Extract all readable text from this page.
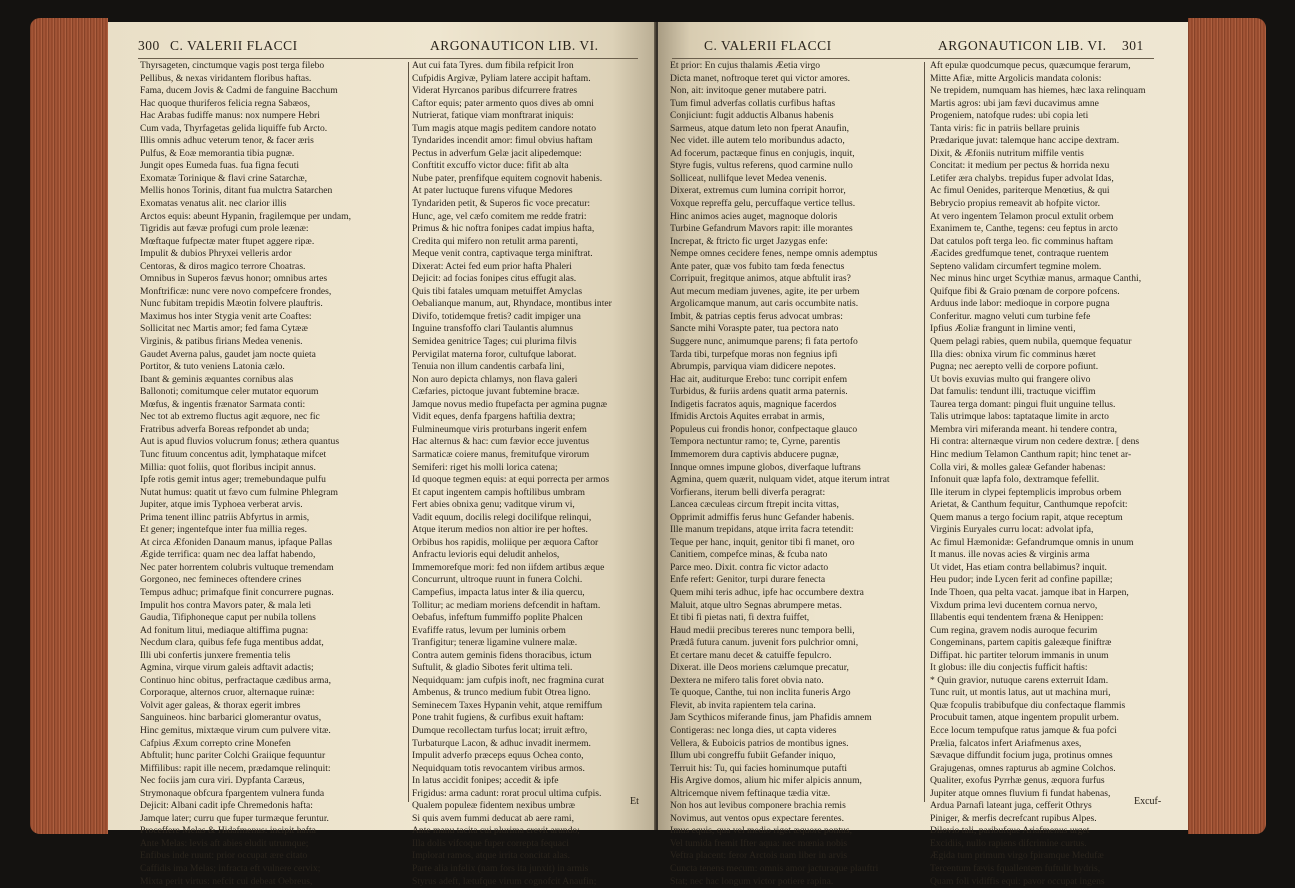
300 C. VALERII FLACCI	ARGONAUTICON LIB. VI.
Thyrsageten, cinctumque vagis post terga filebo
Pellibus, & nexas viridantem floribus haftas.
Fama, ducem Jovis & Cadmi de fanguine Bacchum
Hac quoque thuriferos felicia regna Sabæos,
Hac Arabas fudiffe manus: nox numpere Hebri
Cum vada, Thyrfagetas gelida liquiffe fub Arcto.
Illis omnis adhuc veterum tenor, & facer æris
Pulfus, & Eoæ memorantia tibia pugnæ.
Jungit opes Eumeda fuas. fua figna fecuti
Exomatæ Torinique & flavi crine Satarchæ,
Mellis honos Torinis, ditant fua mulctra Satarchen
Exomatas venatus alit. nec clarior illis
Arctos equis: abeunt Hypanin, fragilemque per undam,
Tigridis aut fævæ profugi cum prole leænæ:
Mœftaque fufpectæ mater ftupet aggere ripæ.
Impulit & dubios Phryxei velleris ardor
Centoras, & diros magico terrore Choatras.
Omnibus in Superos fævus honor; omnibus artes
Monftrificæ: nunc vere novo compefcere frondes,
Nunc fubitam trepidis Mæotin folvere plauftris.
Maximus hos inter Stygia venit arte Coaftes:
Sollicitat nec Martis amor; fed fama Cytææ
Virginis, & patibus firians Medea venenis.
Gaudet Averna palus, gaudet jam nocte quieta
Portitor, & tuto veniens Latonia cælo.
Ibant & geminis æquantes cornibus alas
Ballonoti; comitumque celer mutator equorum
Mœfus, & ingentis frænator Sarmata conti:
Nec tot ab extremo fluctus agit æquore, nec fic
Fratribus adverfa Boreas refpondet ab unda;
Aut is apud fluvios volucrum fonus; æthera quantus
Tunc fituum concentus adit, lymphataque mifcet
Millia: quot foliis, quot floribus incipit annus.
Ipfe rotis gemit intus ager; tremebundaque pulfu
Nutat humus: quatit ut fævo cum fulmine Phlegram
Jupiter, atque imis Typhoea verberat arvis.
Prima tenent illinc patriis Abfyrtus in armis,
Et gener; ingentefque inter fua millia reges.
At circa Æfoniden Danaum manus, ipfaque Pallas
Ægide terrifica: quam nec dea laffat habendo,
Nec pater horrentem colubris vultuque tremendam
Gorgoneo, nec femineces oftendere crines
Tempus adhuc; primafque finit concurrere pugnas.
Impulit hos contra Mavors pater, & mala leti
Gaudia, Tifiphoneque caput per nubila tollens
Ad fonitum litui, mediaque altiffima pugna:
Necdum clara, quibus fefe fuga mentibus addat,
Illi ubi confertis junxere frementia telis
Agmina, virque virum galeis adftavit adactis;
Continuo hinc obitus, perfractaque cædibus arma,
Corporaque, alternos cruor, alternaque ruinæ:
Volvit ager galeas, & thorax egerit imbres
Sanguineos. hinc barbarici glomerantur ovatus,
Hinc gemitus, mixtæque virum cum pulvere vitæ.
Cafpius Æxum correpto crine Monefen
Abftulit; hunc pariter Colchi Graiique fequuntur
Miffilibus: rapit ille necem, prædamque relinquit:
Nec fociis jam cura viri. Dypfanta Caræus,
Strymonaque obfcura fpargentem vulnera funda
Dejicit: Albani cadit ipfe Chremedonis hafta:
Jamque later; curru que fuper turmæque feruntur.
Proceffere Melas & Hidafmenus: incipit hafta
Ante Melas: levis aft abies eludit utrumque;
Enfibus inde ruunt: prior occupat ære citato
Caffidis ima Melas; infracta eft vulnere cervix;
Mixta perit virtus: nefcit cui debeat Oebreus,
Aut cui fata Tyres. dum fibila refpicit Iron
Cufpidis Argivæ, Pyliam latere accipit haftam.
Viderat Hyrcanos paribus difcurrere fratres
Caftor equis; pater armento quos dives ab omni
Nutrierat, fatique viam monftrarat iniquis:
Tum magis atque magis peditem candore notato
Tyndarides incendit amor: fimul obvius haftam
Pectus in adverfum Gelæ jacit alipedemque:
Conftitit excuffo victor duce: fifit ab alta
Nube pater, prenfifque equitem cognovit habenis.
At pater luctuque furens vifuque Medores
Tyndariden petit, & Superos fic voce precatur:
Hunc, age, vel cæfo comitem me redde fratri:
Primus & hic noftra fonipes cadat impius hafta,
Credita qui mifero non retulit arma parenti,
Meque venit contra, captivaque terga miniftrat.
Dixerat: Actei fed eum prior hafta Phaleri
Dejicit: ad focias fonipes citus effugit alas.
Quis tibi fatales umquam metuiffet Amyclas
Oebalianque manum, aut, Rhyndace, montibus inter
Divifo, totidemque fretis? cadit impiger una
Inguine transfoffo clari Taulantis alumnus
Semidea genitrice Tages; cui plurima filvis
Pervigilat materna foror, cultufque laborat.
Tenuia non illum candentis carbafa lini,
Non auro depicta chlamys, non flava galeri
Cæfaries, pictoque juvant fubtemine bracæ.
Jamque novus medio ftupefacta per agmina pugnæ
Vidit eques, denfa fpargens haftilia dextra;
Fulmineumque viris proturbans ingerit enfem
Hac alternus & hac: cum fævior ecce juventus
Sarmaticæ coiere manus, fremitufque virorum
Semiferi: riget his molli lorica catena;
Id quoque tegmen equis: at equi porrecta per armos
Et caput ingentem campis hoftilibus umbram
Fert abies obnixa genu; vaditque virum vi,
Vadit equum, docilis relegi docilifque relinqui,
Atque iterum medios non altior ire per hoftes.
Orbibus hos rapidis, moliique per æquora Caftor
Anfractu levioris equi deludit anhelos,
Immemorefque mori: fed non iifdem artibus æque
Concurrunt, ultroque ruunt in funera Colchi.
Campefius, impacta latus inter & ilia quercu,
Tollitur; ac mediam moriens defcendit in haftam.
Oebafus, infeftum fummiffo poplite Phalcen
Evafiffe ratus, levum per luminis orbem
Tranfigitur; teneræ ligamine vulnere malæ.
Contra autem geminis fidens thoracibus, ictum
Suftulit, & gladio Sibotes ferit ultima teli.
Nequidquam: jam cufpis inoft, nec fragmina curat
Ambenus, & trunco medium fubit Otrea ligno.
Seminecem Taxes Hypanin vehit, atque remiffum
Pone trahit fugiens, & curfibus exuit haftam:
Dumque recollectam turfus locat; irruit æftro,
Turbaturque Lacon, & adhuc invadit inermem.
Impulit adverfo præceps equus Ochea conto,
Nequidquam totis revocantem viribus armos.
In latus accidit fonipes; accedit & ipfe
Frigidus: arma cadunt: rorat procul ultima cufpis.
Qualem populeæ fidentem nexibus umbræ
Si quis avem fummi deducat ab aere rami,
Ante manu tacita cui plurima crevit arundo;
Illa dolis vifcoque fuper correpta fequaci
Implorat ramos, atque irrita concitat alas.
Parte alia infelix (nam fors ita junxit) in armis
Styrus adeft, lætufque virum cognofcit Anaufin;
Et
C. VALERII FLACCI	ARGONAUTICON LIB. VI. 301
Et prior: En cujus thalamis Æetia virgo
Dicta manet, noftroque teret qui victor amores.
Non, ait: invitoque gener mutabere patri.
Tum fimul adverfas collatis curfibus haftas
Conjiciunt: fugit adductis Albanus habenis
Sarmeus, atque datum leto non fperat Anaufin,
Nec videt. ille autem telo moribundus adacto,
Ad focerum, pactæque finus en conjugis, inquit,
Styre fugis, vultus referens, quod carmine nullo
Solliceat, nullifque levet Medea venenis.
Dixerat, extremus cum lumina corripit horror,
Voxque repreffa gelu, percuffaque vertice tellus.
Hinc animos acies auget, magnoque doloris
Turbine Gefandrum Mavors rapit: ille morantes
Increpat, & ftricto fic urget Jazygas enfe:
Nempe omnes cecidere fenes, nempe omnis ademptus
Ante pater, quæ vos fubito tam fœda fenectus
Corripuit, fregitque animos, atque abftulit iras?
Aut mecum mediam juvenes, agite, ite per urbem
Argolicamque manum, aut caris occumbite natis.
Imbit, & patrias ceptis ferus advocat umbras:
Sancte mihi Voraspte pater, tua pectora nato
Suggere nunc, animumque parens; fi fata pertofo
Tarda tibi, turpefque moras non fegnius ipfi
Abrumpis, parviqua viam didicere nepotes.
Hac ait, auditurque Erebo: tunc corripit enfem
Turbidus, & furiis ardens quatit arma paternis.
Indigetis facratos aquis, magnique facerdos
Ifmidis Arctois Aquites errabat in armis,
Populeus cui frondis honor, confpectaque glauco
Tempora nectuntur ramo; te, Cyrne, parentis
Immemorem dura captivis abducere pugnæ,
Innque omnes impune globos, diverfaque luftrans
Agmina, quem quærit, nulquam videt, atque iterum intrat
Vorfierans, iterum belli diverfa peragrat:
Lancea cæculeas circum ftrepit incita vittas,
Opprimit admiffis ferus hunc Gefander habenis.
Ille manum trepidans, atque irrita facra tetendit:
Teque per hanc, inquit, genitor tibi fi manet, oro
Canitiem, compefce minas, & fcuba nato
Parce meo. Dixit. contra fic victor adacto
Enfe refert: Genitor, turpi durare fenecta
Quem mihi teris adhuc, ipfe hac occumbere dextra
Maluit, atque ultro Segnas abrumpere metas.
Et tibi fi pietas nati, fi dextra fuiffet,
Haud medii precibus tereres nunc tempora belli,
Prædâ futura canum. juvenit fors pulchrior omni,
Et certare manu decet & catuiffe fepulcro.
Dixerat. ille Deos moriens cælumque precatur,
Dextera ne mifero talis foret obvia nato.
Te quoque, Canthe, tui non inclita funeris Argo
Flevit, ab invita rapientem tela carina.
Jam Scythicos miferande finus, jam Phafidis amnem
Contigeras: nec longa dies, ut capta videres
Vellera, & Euboicis patrios de montibus ignes.
Illum ubi congreffu fubiit Gefander iniquo,
Terruit his: Tu, qui facies hominumque putafti
His Argive domos, alium hic mifer alpicis annum,
Altricemque nivem feftinaque tædia vitæ.
Non hos aut levibus componere brachia remis
Novimus, aut ventos opus expectare ferentes.
Imus equis, qua vel medio riget æquore pontus,
Vel tumida fremit Ifter aqua: nec mœnia nobis
Veftra placent: feror Arctois nam liber in arvis
Cuncta tenens mecum: omnis amor jacturaque plauftri
Stat; nec hac longum victor potiere rapina.
Aft epulæ quodcumque pecus, quæcumque ferarum,
Mitte Afiæ, mitte Argolicis mandata colonis:
Ne trepidem, numquam has hiemes, hæc laxa relinquam
Martis agros: ubi jam fævi ducavimus amne
Progeniem, natofque rudes: ubi copia leti
Tanta viris: fic in patriis bellare pruinis
Prædarique juvat: talemque hanc accipe dextram.
Dixit, & Æfoniis nutritum miffile ventis
Concitat: it medium per pectus & horrida nexu
Letifer æra chalybs. trepidus fuper advolat Idas,
Ac fimul Oenides, pariterque Menœtius, & qui
Bebrycio propius remeavit ab hofpite victor.
At vero ingentem Telamon procul extulit orbem
Exanimem te, Canthe, tegens: ceu feptus in arcto
Dat catulos poft terga leo. fic comminus haftam
Æacides gredfumque tenet, contraque ruentem
Septeno validam circumfert tegmine molem.
Nec minus hinc urget Scythiæ manus, armaque Canthi,
Quifque fibi & Graio pœnam de corpore pofcens.
Arduus inde labor: medioque in corpore pugna
Conferitur. magno veluti cum turbine fefe
Ipfius Æoliæ frangunt in limine venti,
Quem pelagi rabies, quem nubila, quemque fequatur
Illa dies: obnixa virum fic comminus hæret
Pugna; nec aerepto velli de corpore pofiunt.
Ut bovis exuvias multo qui frangere olivo
Dat famulis: tendunt illi, tractuque viciffim
Taurea terga domant: pingui fluit unguine tellus.
Talis utrimque labos: taptataque limite in arcto
Membra viri miferanda meant. hi tendere contra,
Hi contra: alternæque virum non cedere dextræ. [ dens
Hinc medium Telamon Canthum rapit; hinc tenet ar-
Colla viri, & molles galeæ Gefander habenas:
Infonuit quæ lapfa folo, dextramque fefellit.
Ille iterum in clypei feptemplicis improbus orbem
Arietat, & Canthum fequitur, Canthumque repofcit:
Quem manus a tergo focium rapit, atque receptum
Virginis Euryales curru locat: advolat ipfa,
Ac fimul Hæmonidæ: Gefandrumque omnis in unum
It manus. ille novas acies & virginis arma
Ut videt, Has etiam contra bellabimus? inquit.
Heu pudor; inde Lycen ferit ad confine papillæ;
Inde Thoen, qua pelta vacat. jamque ibat in Harpen,
Vixdum prima levi ducentem cornua nervo,
Illabentis equi tendentem fræna & Henippen:
Cum regina, gravem nodis auroque fecurim
Congeminans, partem capitis galeæque finiftræ
Diffipat. hic partiter telorum immanis in unum
It globus: ille diu conjectis fufficit haftis:
* Quin gravior, nutuque carens exterruit Idam.
Tunc ruit, ut montis latus, aut ut machina muri,
Quæ fcopulis trabibufque diu confectaque flammis
Procubuit tamen, atque ingentem propulit urbem.
Ecce locum tempufque ratus jamque & fua pofci
Prælia, falcatos infert Ariafmenus axes,
Sævaque diffundit focium juga, protinus omnes
Grajugenas, omnes rapturus ab agmine Colchos.
Qualiter, exofus Pyrrhæ genus, æquora furfus
Jupiter atque omnes fluvium fi fundat habenas,
Ardua Parnafi lateant juga, cefferit Othrys
Piniger, & merfis decrefcant rupibus Alpes.
Dilovio tali, paribufque Ariafmenus urget
Excidiis, nullo rapiens difcrimine curtus.
Ægida tum primum virgo fpiramque Medufæ
Tercentum fævis fquallentem fuftulit hydris,
Quam foli vidiffis equi: pavor occupat ingens
Excuf-
